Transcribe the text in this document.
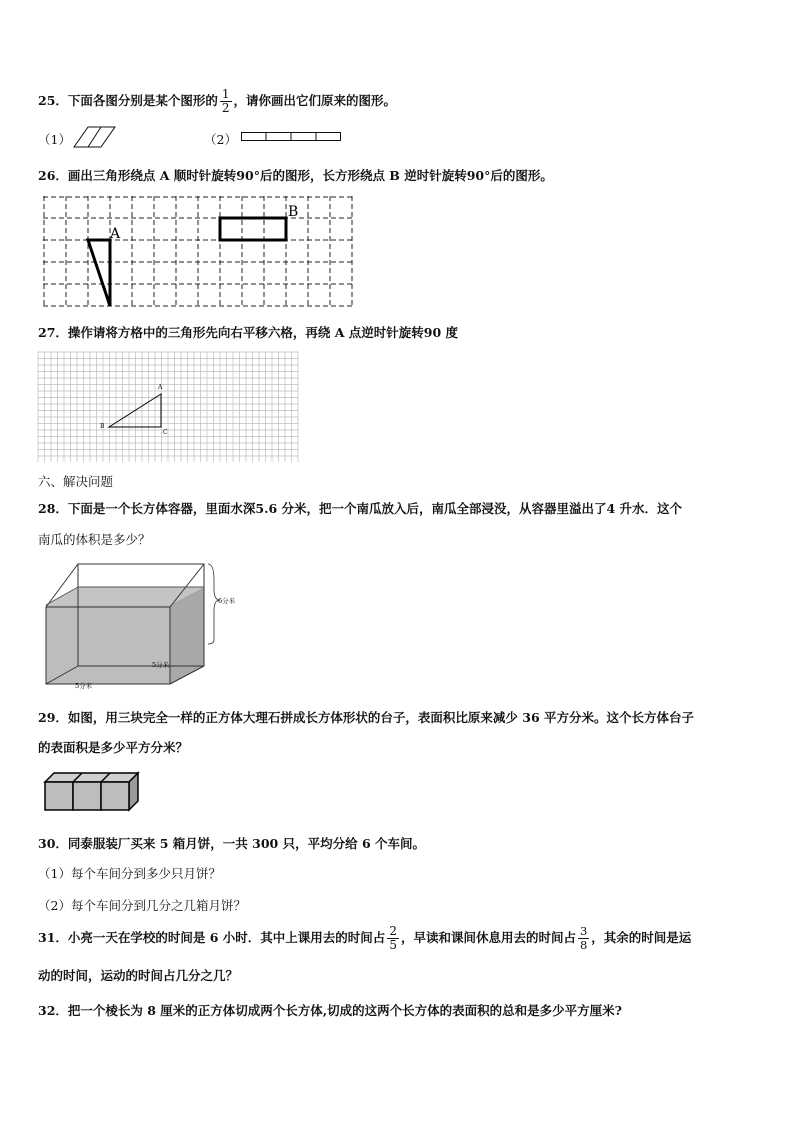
25．下面各图分别是某个图形的 $\frac{1}{2}$ ，请你画出它们原来的图形。
（1）	（2）
26．画出三角形绕点 A 顺时针旋转90°后的图形，长方形绕点 B 逆时针旋转90°后的图形。
A
B
27．操作请将方格中的三角形先向右平移六格，再绕 A 点逆时针旋转90 度
A
B
C
六、解决问题
28．下面是一个长方体容器，里面水深5.6 分米，把一个南瓜放入后，南瓜全部浸没，从容器里溢出了4 升水．这个
南瓜的体积是多少？
6分米
5分米
5分米
29．如图，用三块完全一样的正方体大理石拼成长方体形状的台子，表面积比原来减少 36 平方分米。这个长方体台子
的表面积是多少平方分米？
30．同泰服装厂买来 5 箱月饼，一共 300 只，平均分给 6 个车间。
（1）每个车间分到多少只月饼？
（2）每个车间分到几分之几箱月饼？
31．小亮一天在学校的时间是 6 小时．其中上课用去的时间占 $\frac{2}{5}$ ，早读和课间休息用去的时间占 $\frac{3}{8}$ ，其余的时间是运
动的时间，运动的时间占几分之几？
32．把一个棱长为 8 厘米的正方体切成两个长方体,切成的这两个长方体的表面积的总和是多少平方厘米?
